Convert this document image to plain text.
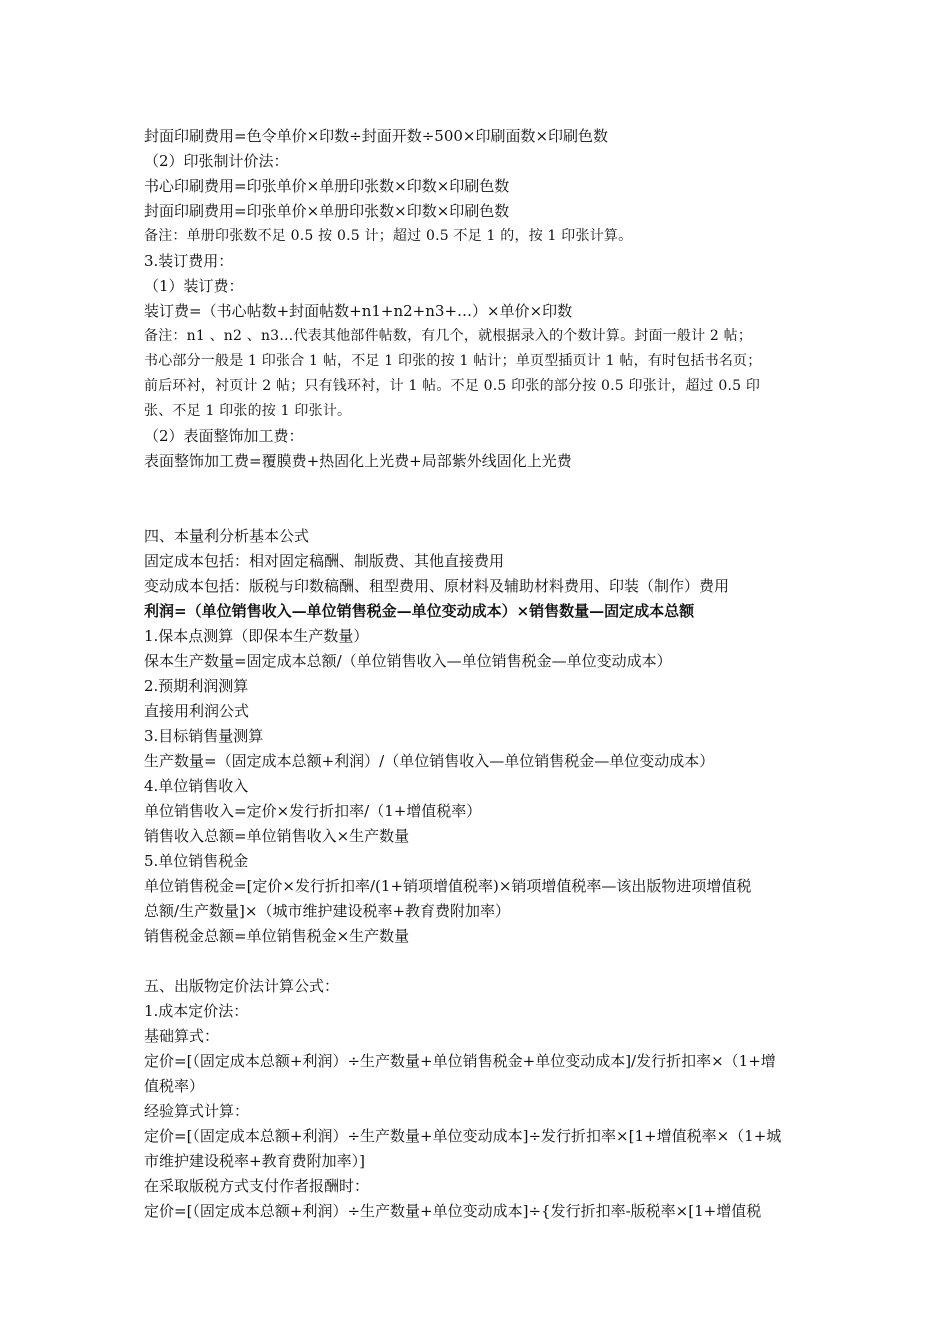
封面印刷费用=色令单价×印数÷封面开数÷500×印刷面数×印刷色数
（2）印张制计价法：
书心印刷费用=印张单价×单册印张数×印数×印刷色数
封面印刷费用=印张单价×单册印张数×印数×印刷色数
备注：单册印张数不足 0.5 按 0.5 计；超过 0.5 不足 1 的，按 1 印张计算。
3.装订费用：
（1）装订费：
装订费=（书心帖数+封面帖数+n1+n2+n3+…）×单价×印数
备注：n1 、n2 、n3…代表其他部件帖数，有几个，就根据录入的个数计算。封面一般计 2 帖；
书心部分一般是 1 印张合 1 帖，不足 1 印张的按 1 帖计；单页型插页计 1 帖，有时包括书名页；
前后环衬，衬页计 2 帖；只有钱环衬，计 1 帖。不足 0.5 印张的部分按 0.5 印张计，超过 0.5 印
张、不足 1 印张的按 1 印张计。
（2）表面整饰加工费：
表面整饰加工费=覆膜费+热固化上光费+局部紫外线固化上光费
四、本量利分析基本公式
固定成本包括：相对固定稿酬、制版费、其他直接费用
变动成本包括：版税与印数稿酬、租型费用、原材料及辅助材料费用、印装（制作）费用
利润=（单位销售收入—单位销售税金—单位变动成本）×销售数量—固定成本总额
1.保本点测算（即保本生产数量）
保本生产数量=固定成本总额/（单位销售收入—单位销售税金—单位变动成本）
2.预期利润测算
直接用利润公式
3.目标销售量测算
生产数量=（固定成本总额+利润）/（单位销售收入—单位销售税金—单位变动成本）
4.单位销售收入
单位销售收入=定价×发行折扣率/（1+增值税率）
销售收入总额=单位销售收入×生产数量
5.单位销售税金
单位销售税金=[定价×发行折扣率/(1+销项增值税率)×销项增值税率—该出版物进项增值税
总额/生产数量]×（城市维护建设税率+教育费附加率）
销售税金总额=单位销售税金×生产数量
五、出版物定价法计算公式：
1.成本定价法：
基础算式：
定价=[（固定成本总额+利润）÷生产数量+单位销售税金+单位变动成本]/发行折扣率×（1+增
值税率）
经验算式计算：
定价=[（固定成本总额+利润）÷生产数量+单位变动成本]÷发行折扣率×[1+增值税率×（1+城
市维护建设税率+教育费附加率）]
在采取版税方式支付作者报酬时：
定价=[（固定成本总额+利润）÷生产数量+单位变动成本]÷{发行折扣率-版税率×[1+增值税
